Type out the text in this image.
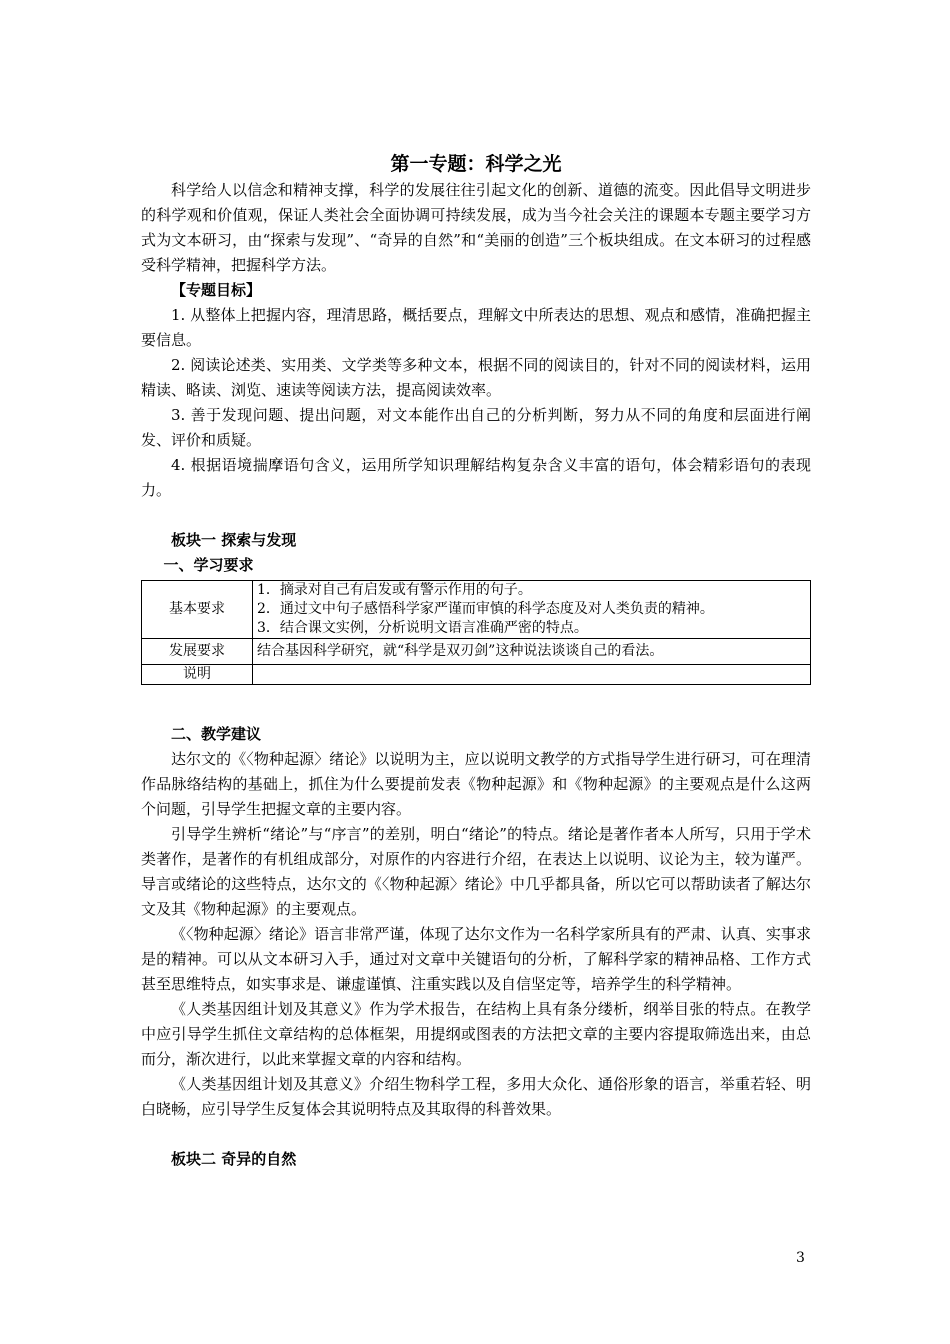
第一专题：科学之光

科学给人以信念和精神支撑，科学的发展往往引起文化的创新、道德的流变。因此倡导文明进步的科学观和价值观，保证人类社会全面协调可持续发展，成为当今社会关注的课题本专题主要学习方式为文本研习，由“探索与发现”、“奇异的自然”和“美丽的创造”三个板块组成。在文本研习的过程感受科学精神，把握科学方法。

【专题目标】

1. 从整体上把握内容，理清思路，概括要点，理解文中所表达的思想、观点和感情，准确把握主要信息。

2. 阅读论述类、实用类、文学类等多种文本，根据不同的阅读目的，针对不同的阅读材料，运用精读、略读、浏览、速读等阅读方法，提高阅读效率。

3. 善于发现问题、提出问题，对文本能作出自己的分析判断，努力从不同的角度和层面进行阐发、评价和质疑。

4. 根据语境揣摩语句含义，运用所学知识理解结构复杂含义丰富的语句，体会精彩语句的表现力。

板块一 探索与发现
一、学习要求
基本要求	1．摘录对自己有启发或有警示作用的句子。
2．通过文中句子感悟科学家严谨而审慎的科学态度及对人类负责的精神。
3．结合课文实例，分析说明文语言准确严密的特点。

发展要求	结合基因科学研究，就“科学是双刃剑”这种说法谈谈自己的看法。

说明	
二、教学建议

达尔文的《〈物种起源〉绪论》以说明为主，应以说明文教学的方式指导学生进行研习，可在理清作品脉络结构的基础上，抓住为什么要提前发表《物种起源》和《物种起源》的主要观点是什么这两个问题，引导学生把握文章的主要内容。

引导学生辨析“绪论”与“序言”的差别，明白“绪论”的特点。绪论是著作者本人所写，只用于学术类著作，是著作的有机组成部分，对原作的内容进行介绍，在表达上以说明、议论为主，较为谨严。导言或绪论的这些特点，达尔文的《〈物种起源〉绪论》中几乎都具备，所以它可以帮助读者了解达尔文及其《物种起源》的主要观点。

《〈物种起源〉绪论》语言非常严谨，体现了达尔文作为一名科学家所具有的严肃、认真、实事求是的精神。可以从文本研习入手，通过对文章中关键语句的分析，了解科学家的精神品格、工作方式甚至思维特点，如实事求是、谦虚谨慎、注重实践以及自信坚定等，培养学生的科学精神。

《人类基因组计划及其意义》作为学术报告，在结构上具有条分缕析，纲举目张的特点。在教学中应引导学生抓住文章结构的总体框架，用提纲或图表的方法把文章的主要内容提取筛选出来，由总而分，渐次进行，以此来掌握文章的内容和结构。

《人类基因组计划及其意义》介绍生物科学工程，多用大众化、通俗形象的语言，举重若轻、明白晓畅，应引导学生反复体会其说明特点及其取得的科普效果。

板块二 奇异的自然
3
